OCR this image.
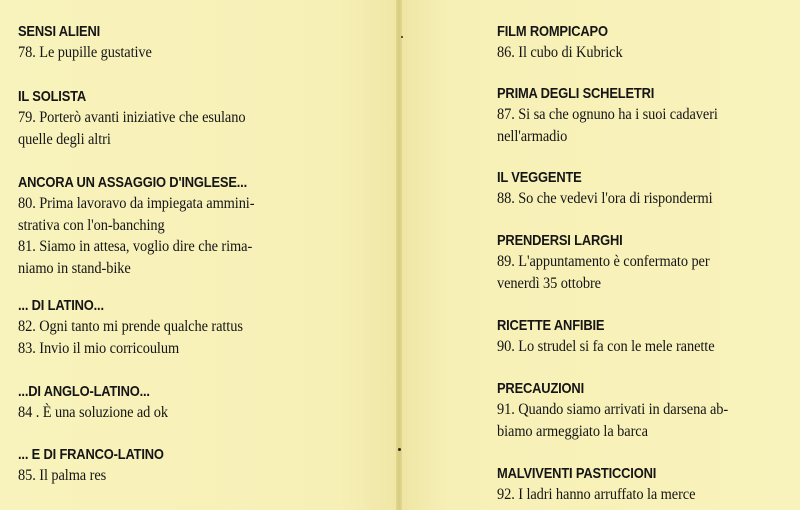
SENSI ALIENI
78. Le pupille gustative
IL SOLISTA
79. Porterò avanti iniziative che esulano
quelle degli altri
ANCORA UN ASSAGGIO D'INGLESE...
80. Prima lavoravo da impiegata ammini-
strativa con l'on-banching
81. Siamo in attesa, voglio dire che rima-
niamo in stand-bike
... DI LATINO...
82. Ogni tanto mi prende qualche rattus
83. Invio il mio corricoulum
...DI ANGLO-LATINO...
84 . È una soluzione ad ok
... E DI FRANCO-LATINO
85. Il palma res
FILM ROMPICAPO
86. Il cubo di Kubrick
PRIMA DEGLI SCHELETRI
87. Si sa che ognuno ha i suoi cadaveri
nell'armadio
IL VEGGENTE
88. So che vedevi l'ora di rispondermi
PRENDERSI LARGHI
89. L'appuntamento è confermato per
venerdì 35 ottobre
RICETTE ANFIBIE
90. Lo strudel si fa con le mele ranette
PRECAUZIONI
91. Quando siamo arrivati in darsena ab-
biamo armeggiato la barca
MALVIVENTI PASTICCIONI
92. I ladri hanno arruffato la merce
